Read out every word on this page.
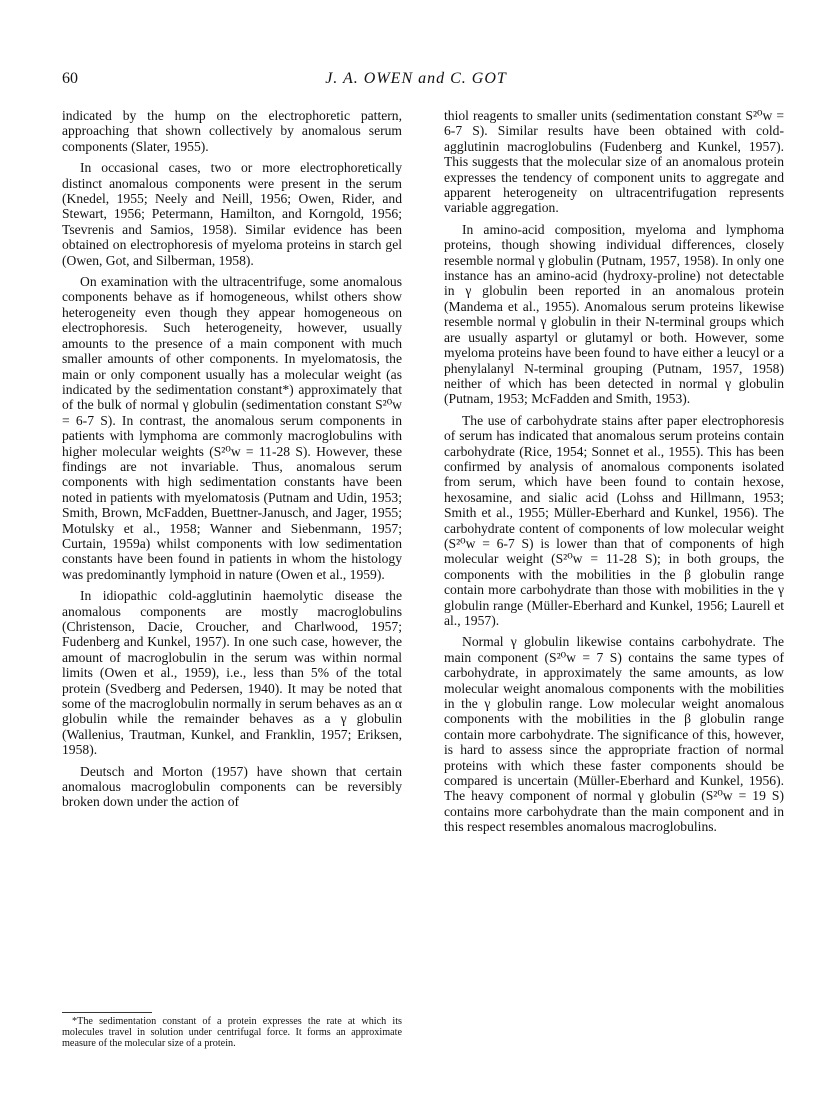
60	J. A. OWEN and C. GOT

indicated by the hump on the electrophoretic pattern, approaching that shown collectively by anomalous serum components (Slater, 1955).

In occasional cases, two or more electrophoretically distinct anomalous components were present in the serum (Knedel, 1955; Neely and Neill, 1956; Owen, Rider, and Stewart, 1956; Petermann, Hamilton, and Korngold, 1956; Tsevrenis and Samios, 1958). Similar evidence has been obtained on electrophoresis of myeloma proteins in starch gel (Owen, Got, and Silberman, 1958).

On examination with the ultracentrifuge, some anomalous components behave as if homogeneous, whilst others show heterogeneity even though they appear homogeneous on electrophoresis. Such heterogeneity, however, usually amounts to the presence of a main component with much smaller amounts of other components. In myelomatosis, the main or only component usually has a molecular weight (as indicated by the sedimentation constant*) approximately that of the bulk of normal γ globulin (sedimentation constant S²⁰w = 6-7 S). In contrast, the anomalous serum components in patients with lymphoma are commonly macroglobulins with higher molecular weights (S²⁰w = 11-28 S). However, these findings are not invariable. Thus, anomalous serum components with high sedimentation constants have been noted in patients with myelomatosis (Putnam and Udin, 1953; Smith, Brown, McFadden, Buettner-Janusch, and Jager, 1955; Motulsky et al., 1958; Wanner and Siebenmann, 1957; Curtain, 1959a) whilst components with low sedimentation constants have been found in patients in whom the histology was predominantly lymphoid in nature (Owen et al., 1959).

In idiopathic cold-agglutinin haemolytic disease the anomalous components are mostly macroglobulins (Christenson, Dacie, Croucher, and Charlwood, 1957; Fudenberg and Kunkel, 1957). In one such case, however, the amount of macroglobulin in the serum was within normal limits (Owen et al., 1959), i.e., less than 5% of the total protein (Svedberg and Pedersen, 1940). It may be noted that some of the macroglobulin normally in serum behaves as an α globulin while the remainder behaves as a γ globulin (Wallenius, Trautman, Kunkel, and Franklin, 1957; Eriksen, 1958).

Deutsch and Morton (1957) have shown that certain anomalous macroglobulin components can be reversibly broken down under the action of

thiol reagents to smaller units (sedimentation constant S²⁰w = 6-7 S). Similar results have been obtained with cold-agglutinin macroglobulins (Fudenberg and Kunkel, 1957). This suggests that the molecular size of an anomalous protein expresses the tendency of component units to aggregate and apparent heterogeneity on ultracentrifugation represents variable aggregation.

In amino-acid composition, myeloma and lymphoma proteins, though showing individual differences, closely resemble normal γ globulin (Putnam, 1957, 1958). In only one instance has an amino-acid (hydroxy-proline) not detectable in γ globulin been reported in an anomalous protein (Mandema et al., 1955). Anomalous serum proteins likewise resemble normal γ globulin in their N-terminal groups which are usually aspartyl or glutamyl or both. However, some myeloma proteins have been found to have either a leucyl or a phenylalanyl N-terminal grouping (Putnam, 1957, 1958) neither of which has been detected in normal γ globulin (Putnam, 1953; McFadden and Smith, 1953).

The use of carbohydrate stains after paper electrophoresis of serum has indicated that anomalous serum proteins contain carbohydrate (Rice, 1954; Sonnet et al., 1955). This has been confirmed by analysis of anomalous components isolated from serum, which have been found to contain hexose, hexosamine, and sialic acid (Lohss and Hillmann, 1953; Smith et al., 1955; Müller-Eberhard and Kunkel, 1956). The carbohydrate content of components of low molecular weight (S²⁰w = 6-7 S) is lower than that of components of high molecular weight (S²⁰w = 11-28 S); in both groups, the components with the mobilities in the β globulin range contain more carbohydrate than those with mobilities in the γ globulin range (Müller-Eberhard and Kunkel, 1956; Laurell et al., 1957).

Normal γ globulin likewise contains carbohydrate. The main component (S²⁰w = 7 S) contains the same types of carbohydrate, in approximately the same amounts, as low molecular weight anomalous components with the mobilities in the γ globulin range. Low molecular weight anomalous components with the mobilities in the β globulin range contain more carbohydrate. The significance of this, however, is hard to assess since the appropriate fraction of normal proteins with which these faster components should be compared is uncertain (Müller-Eberhard and Kunkel, 1956). The heavy component of normal γ globulin (S²⁰w = 19 S) contains more carbohydrate than the main component and in this respect resembles anomalous macroglobulins.

*The sedimentation constant of a protein expresses the rate at which its molecules travel in solution under centrifugal force. It forms an approximate measure of the molecular size of a protein.
